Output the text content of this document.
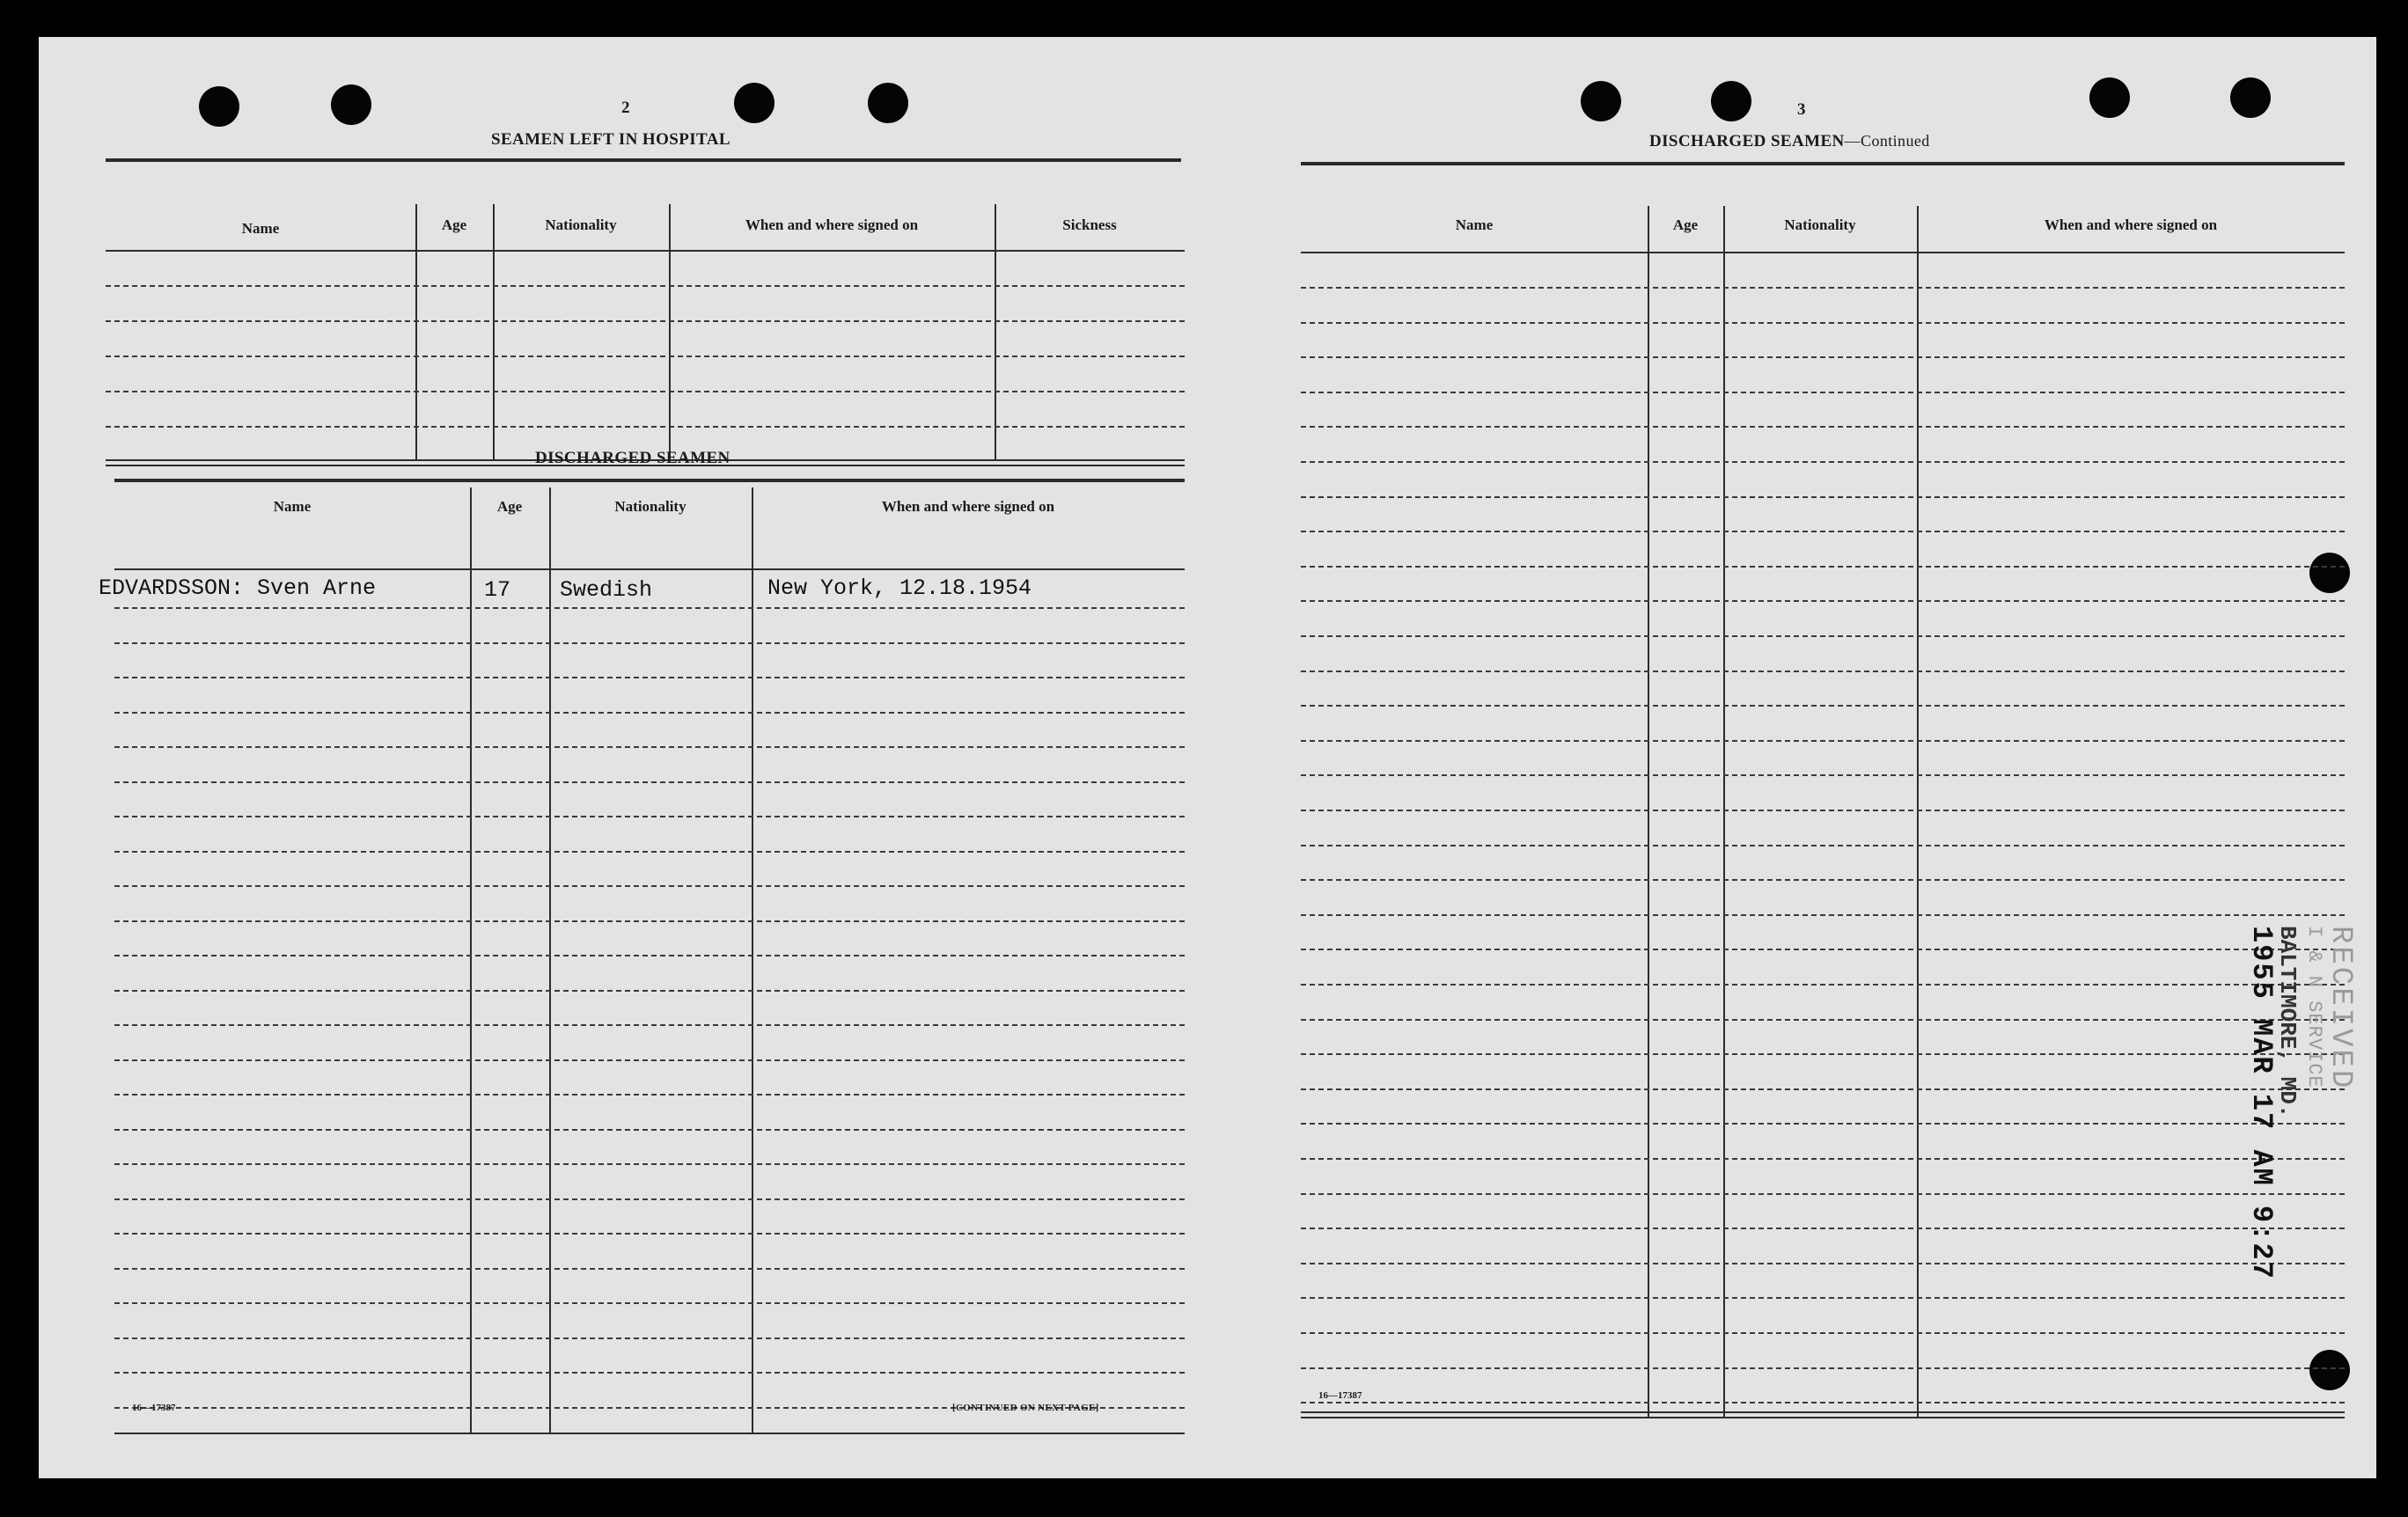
2
SEAMEN LEFT IN HOSPITAL
Name	Age	Nationality	When and where signed on	Sickness
DISCHARGED SEAMEN
Name	Age	Nationality	When and where signed on
EDVARDSSON: Sven Arne	17 Swedish	New York, 12.18.1954
16—17387	[CONTINUED ON NEXT PAGE]
3
DISCHARGED SEAMEN—Continued
Name	Age	Nationality	When and where signed on
16—17387
RECEIVED
I & N SERVICE
BALTIMORE, MD.
1955 MAR 17 AM 9:27
